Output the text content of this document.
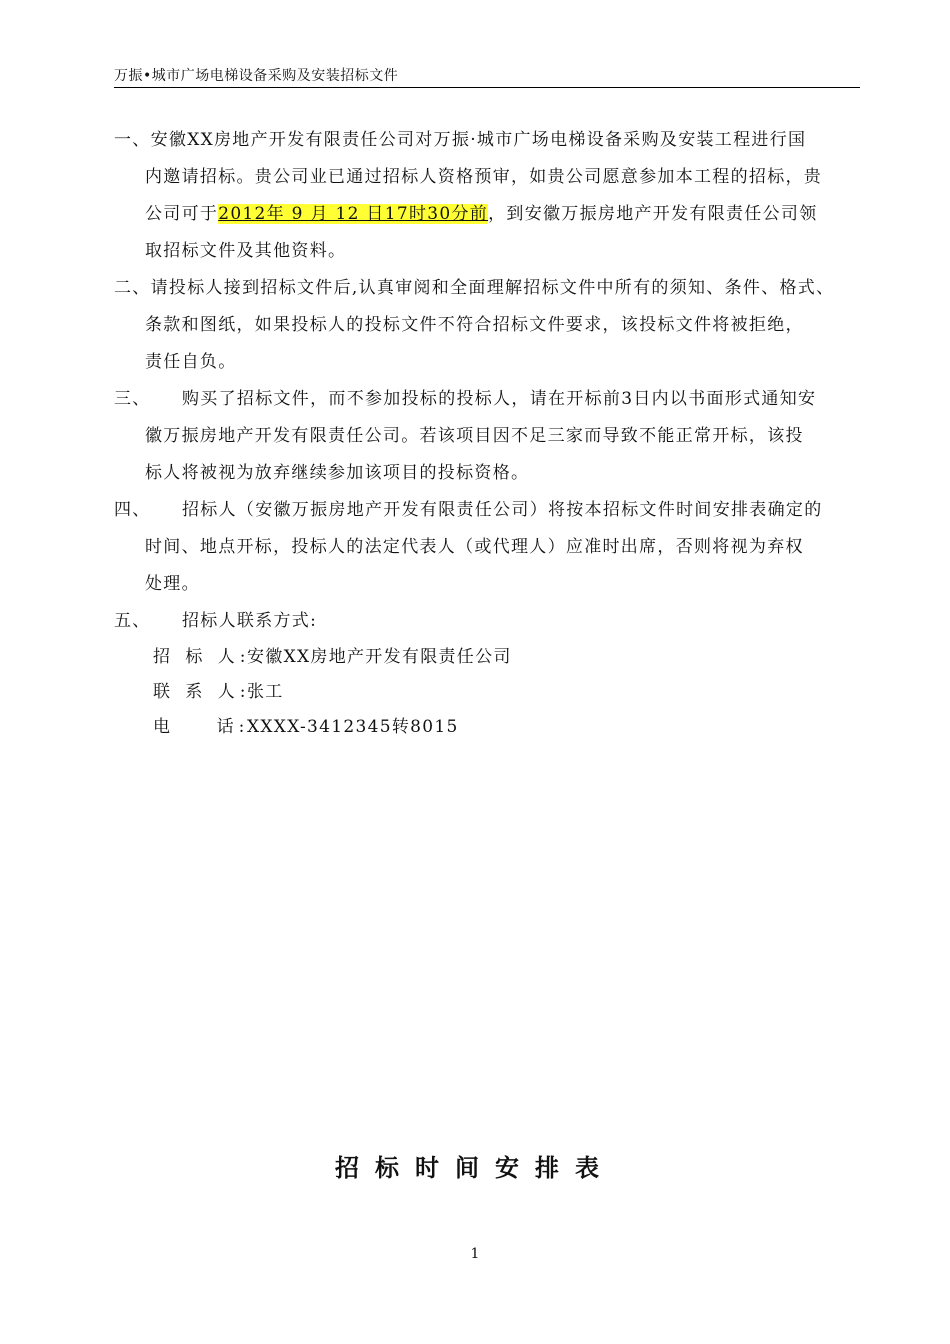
万振•城市广场电梯设备采购及安装招标文件
一、安徽XX房地产开发有限责任公司对万振·城市广场电梯设备采购及安装工程进行国
内邀请招标。贵公司业已通过招标人资格预审，如贵公司愿意参加本工程的招标，贵
公司可于2012年 9 月 12 日17时30分前，到安徽万振房地产开发有限责任公司领
取招标文件及其他资料。
二、请投标人接到招标文件后,认真审阅和全面理解招标文件中所有的须知、条件、格式、
条款和图纸，如果投标人的投标文件不符合招标文件要求，该投标文件将被拒绝，
责任自负。
三、 购买了招标文件，而不参加投标的投标人，请在开标前3日内以书面形式通知安
徽万振房地产开发有限责任公司。若该项目因不足三家而导致不能正常开标，该投
标人将被视为放弃继续参加该项目的投标资格。
四、 招标人（安徽万振房地产开发有限责任公司）将按本招标文件时间安排表确定的
时间、地点开标，投标人的法定代表人（或代理人）应准时出席，否则将视为弃权
处理。
五、 招标人联系方式:
招 标 人:安徽XX房地产开发有限责任公司
联 系 人:张工
电    话:XXXX-3412345转8015
招标时间安排表
1
